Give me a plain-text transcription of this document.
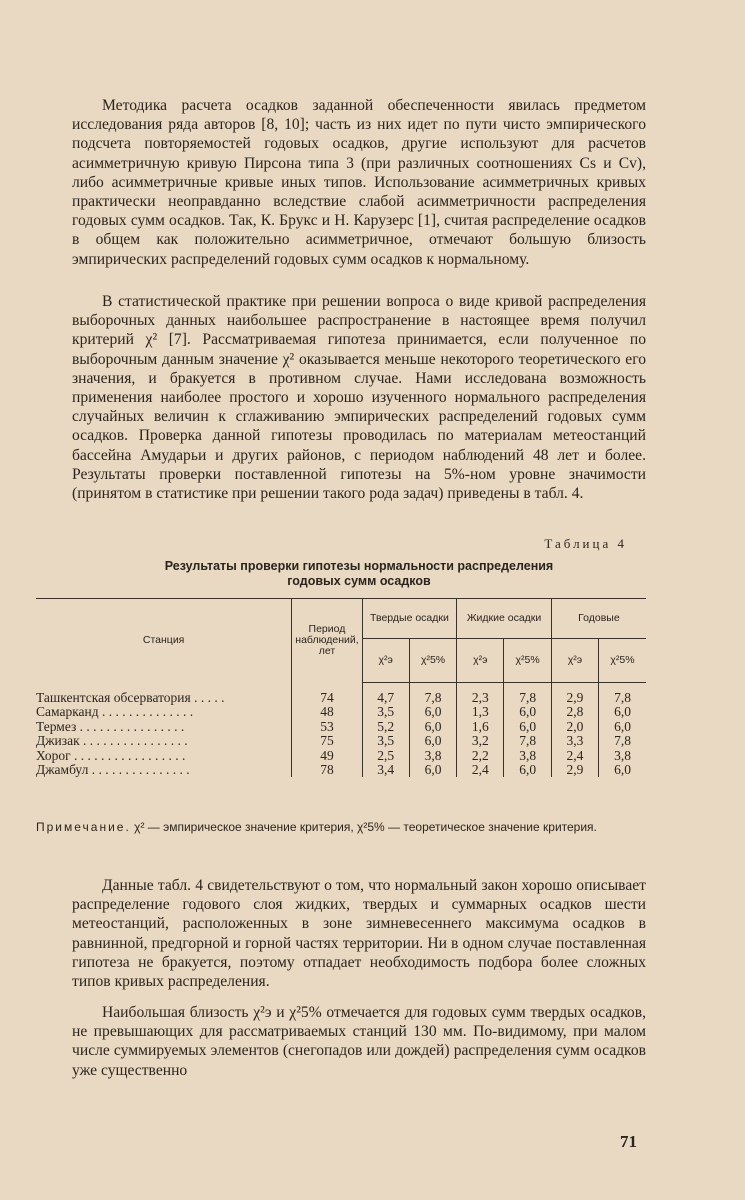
Методика расчета осадков заданной обеспеченности явилась предметом исследования ряда авторов [8, 10]; часть из них идет по пути чисто эмпирического подсчета повторяемостей годовых осадков, другие используют для расчетов асимметричную кривую Пирсона типа 3 (при различных соотношениях Cs и Cv), либо асимметричные кривые иных типов. Использование асимметричных кривых практически неоправданно вследствие слабой асимметричности распределения годовых сумм осадков. Так, К. Брукс и Н. Карузерс [1], считая распределение осадков в общем как положительно асимметричное, отмечают большую близость эмпирических распределений годовых сумм осадков к нормальному.

В статистической практике при решении вопроса о виде кривой распределения выборочных данных наибольшее распространение в настоящее время получил критерий χ² [7]. Рассматриваемая гипотеза принимается, если полученное по выборочным данным значение χ² оказывается меньше некоторого теоретического его значения, и бракуется в противном случае. Нами исследована возможность применения наиболее простого и хорошо изученного нормального распределения случайных величин к сглаживанию эмпирических распределений годовых сумм осадков. Проверка данной гипотезы проводилась по материалам метеостанций бассейна Амударьи и других районов, с периодом наблюдений 48 лет и более. Результаты проверки поставленной гипотезы на 5%-ном уровне значимости (принятом в статистике при решении такого рода задач) приведены в табл. 4.

Таблица 4
Результаты проверки гипотезы нормальности распределения
годовых сумм осадков
Станция	Период наблюдений, лет	Твердые осадки		Жидкие осадки		Годовые	
		χ²э	χ²5%	χ²э	χ²5%	χ²э	χ²5%
Ташкентская обсерватория . . . . .	74	4,7	7,8	2,3	7,8	2,9	7,8
Самарканд . . . . . . . . . . . . . .	48	3,5	6,0	1,3	6,0	2,8	6,0
Термез . . . . . . . . . . . . . . . .	53	5,2	6,0	1,6	6,0	2,0	6,0
Джизак . . . . . . . . . . . . . . . .	75	3,5	6,0	3,2	7,8	3,3	7,8
Хорог . . . . . . . . . . . . . . . . .	49	2,5	3,8	2,2	3,8	2,4	3,8
Джамбул . . . . . . . . . . . . . . .	78	3,4	6,0	2,4	6,0	2,9	6,0
Примечание. χ² — эмпирическое значение критерия, χ²5% — теоретическое значение критерия.

Данные табл. 4 свидетельствуют о том, что нормальный закон хорошо описывает распределение годового слоя жидких, твердых и суммарных осадков шести метеостанций, расположенных в зоне зимневесеннего максимума осадков в равнинной, предгорной и горной частях территории. Ни в одном случае поставленная гипотеза не бракуется, поэтому отпадает необходимость подбора более сложных типов кривых распределения.

Наибольшая близость χ²э и χ²5% отмечается для годовых сумм твердых осадков, не превышающих для рассматриваемых станций 130 мм. По-видимому, при малом числе суммируемых элементов (снегопадов или дождей) распределения сумм осадков уже существенно

71
